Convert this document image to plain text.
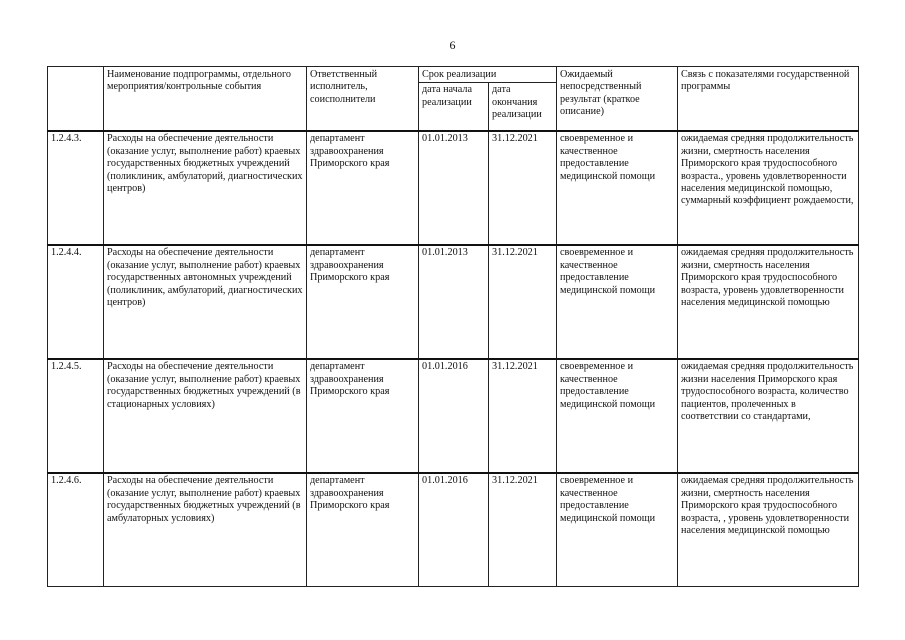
6
	Наименование подпрограммы, отдельного мероприятия/контрольные события	Ответственный исполнитель, соисполнители	Срок реализации		Ожидаемый непосредственный результат (краткое описание)	Связь с показателями государственной программы
			дата начала реализации	дата окончания реализации		
1.2.4.3.	Расходы на обеспечение деятельности (оказание услуг, выполнение работ) краевых государственных бюджетных учреждений (поликлиник, амбулаторий, диагностических центров)	департамент здравоохранения Приморского края	01.01.2013	31.12.2021	своевременное и качественное предоставление медицинской помощи	ожидаемая средняя продолжительность жизни, смертность населения Приморского края трудоспособного возраста., уровень удовлетворенности населения медицинской помощью, суммарный коэффициент рождаемости,
1.2.4.4.	Расходы на обеспечение деятельности (оказание услуг, выполнение работ) краевых государственных автономных учреждений (поликлиник, амбулаторий, диагностических центров)	департамент здравоохранения Приморского края	01.01.2013	31.12.2021	своевременное и качественное предоставление медицинской помощи	ожидаемая средняя продолжительность жизни, смертность населения Приморского края трудоспособного возраста, уровень удовлетворенности населения медицинской помощью
1.2.4.5.	Расходы на обеспечение деятельности (оказание услуг, выполнение работ) краевых государственных бюджетных учреждений (в стационарных условиях)	департамент здравоохранения Приморского края	01.01.2016	31.12.2021	своевременное и качественное предоставление медицинской помощи	ожидаемая средняя продолжительность жизни населения Приморского края трудоспособного возраста, количество пациентов, пролеченных в соответствии со стандартами,
1.2.4.6.	Расходы на обеспечение деятельности (оказание услуг, выполнение работ) краевых государственных бюджетных учреждений (в амбулаторных условиях)	департамент здравоохранения Приморского края	01.01.2016	31.12.2021	своевременное и качественное предоставление медицинской помощи	ожидаемая средняя продолжительность жизни, смертность населения Приморского края трудоспособного возраста, , уровень удовлетворенности населения медицинской помощью
